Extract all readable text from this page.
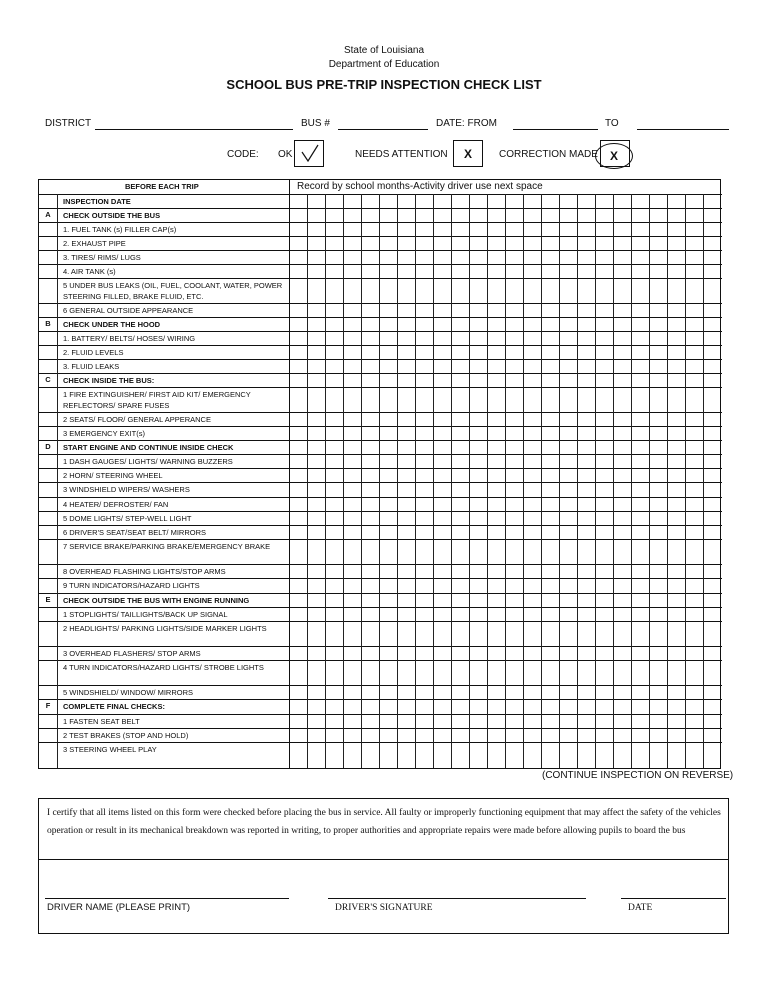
State of Louisiana
Department of Education
SCHOOL BUS PRE-TRIP INSPECTION CHECK LIST
DISTRICT	BUS #	DATE: FROM	TO
CODE: OK	NEEDS ATTENTION	X	CORRECTION MADE	X
BEFORE EACH TRIP	Record by school months-Activity driver use next space
INSPECTION DATE
A	CHECK OUTSIDE THE BUS
1. FUEL TANK (s) FILLER CAP(s)
2. EXHAUST PIPE
3. TIRES/ RIMS/ LUGS
4. AIR TANK (s)
5 UNDER BUS LEAKS (OIL, FUEL, COOLANT, WATER, POWER STEERING FILLED, BRAKE FLUID, ETC.
6 GENERAL OUTSIDE APPEARANCE
B	CHECK UNDER THE HOOD
1. BATTERY/ BELTS/ HOSES/ WIRING
2. FLUID LEVELS
3. FLUID LEAKS
C	CHECK INSIDE THE BUS:
1 FIRE EXTINGUISHER/ FIRST AID KIT/ EMERGENCY REFLECTORS/ SPARE FUSES
2 SEATS/ FLOOR/ GENERAL APPERANCE
3 EMERGENCY EXIT(s)
D	START ENGINE AND CONTINUE INSIDE CHECK
1 DASH GAUGES/ LIGHTS/ WARNING BUZZERS
2 HORN/ STEERING WHEEL
3 WINDSHIELD WIPERS/ WASHERS
4 HEATER/ DEFROSTER/ FAN
5 DOME LIGHTS/ STEP-WELL LIGHT
6 DRIVER'S SEAT/SEAT BELT/ MIRRORS
7 SERVICE BRAKE/PARKING BRAKE/EMERGENCY BRAKE
8 OVERHEAD FLASHING LIGHTS/STOP ARMS
9 TURN INDICATORS/HAZARD LIGHTS
E	CHECK OUTSIDE THE BUS WITH ENGINE RUNNING
1 STOPLIGHTS/ TAILLIGHTS/BACK UP SIGNAL
2 HEADLIGHTS/ PARKING LIGHTS/SIDE MARKER LIGHTS
3 OVERHEAD FLASHERS/ STOP ARMS
4 TURN INDICATORS/HAZARD LIGHTS/ STROBE LIGHTS
5 WINDSHIELD/ WINDOW/ MIRRORS
F	COMPLETE FINAL CHECKS:
1 FASTEN SEAT BELT
2 TEST BRAKES (STOP AND HOLD)
3 STEERING WHEEL PLAY
(CONTINUE INSPECTION ON REVERSE)
I certify that all items listed on this form were checked before placing the bus in service. All faulty or improperly functioning equipment that may affect the safety of the vehicles operation or result in its mechanical breakdown was reported in writing, to proper authorities and appropriate repairs were made before allowing pupils to board the bus
DRIVER NAME (PLEASE PRINT)	DRIVER'S SIGNATURE	DATE
